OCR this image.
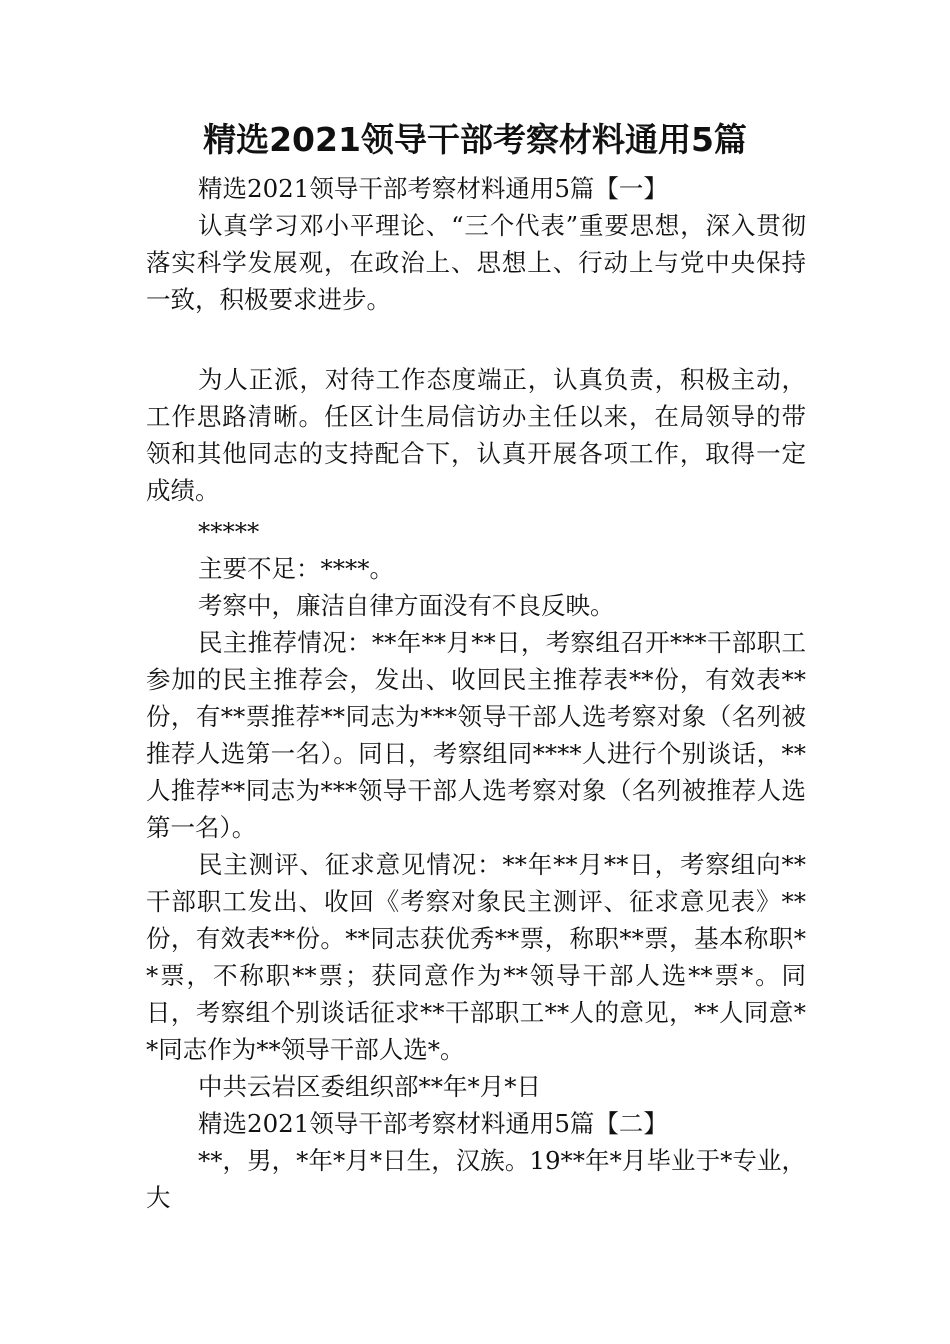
精选2021领导干部考察材料通用5篇

精选2021领导干部考察材料通用5篇【一】

认真学习邓小平理论、“三个代表”重要思想，深入贯彻落实科学发展观，在政治上、思想上、行动上与党中央保持一致，积极要求进步。

为人正派，对待工作态度端正，认真负责，积极主动，工作思路清晰。任区计生局信访办主任以来，在局领导的带领和其他同志的支持配合下，认真开展各项工作，取得一定成绩。

*****

主要不足：****。

考察中，廉洁自律方面没有不良反映。

民主推荐情况：**年**月**日，考察组召开***干部职工参加的民主推荐会，发出、收回民主推荐表**份，有效表**份，有**票推荐**同志为***领导干部人选考察对象（名列被推荐人选第一名）。同日，考察组同****人进行个别谈话，**人推荐**同志为***领导干部人选考察对象（名列被推荐人选第一名）。

民主测评、征求意见情况：**年**月**日，考察组向**干部职工发出、收回《考察对象民主测评、征求意见表》**份，有效表**份。**同志获优秀**票，称职**票，基本称职**票，不称职**票；获同意作为**领导干部人选**票*。同日，考察组个别谈话征求**干部职工**人的意见，**人同意**同志作为**领导干部人选*。

中共云岩区委组织部**年*月*日

精选2021领导干部考察材料通用5篇【二】

**，男，*年*月*日生，汉族。19**年*月毕业于*专业，大
